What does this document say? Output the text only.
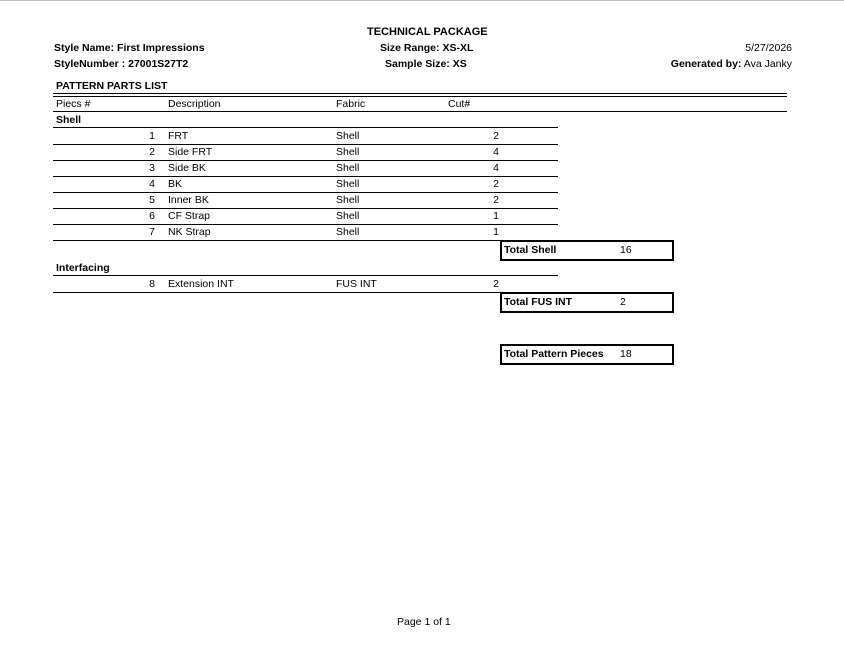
TECHNICAL PACKAGE
Style Name: First Impressions
StyleNumber : 27001S27T2
Size Range: XS-XL
Sample Size: XS
5/27/2026
Generated by: Ava Janky
PATTERN PARTS LIST
Piecs #	Description	Fabric	Cut#
Shell
1 FRT	Shell	2
2 Side FRT	Shell	4
3 Side BK	Shell	4
4 BK	Shell	2
5 Inner BK	Shell	2
6 CF Strap	Shell	1
7 NK Strap	Shell	1
Total Shell	16
Interfacing
8 Extension INT	FUS INT	2
Total FUS INT	2
Total Pattern Pieces 18
Page 1 of 1
